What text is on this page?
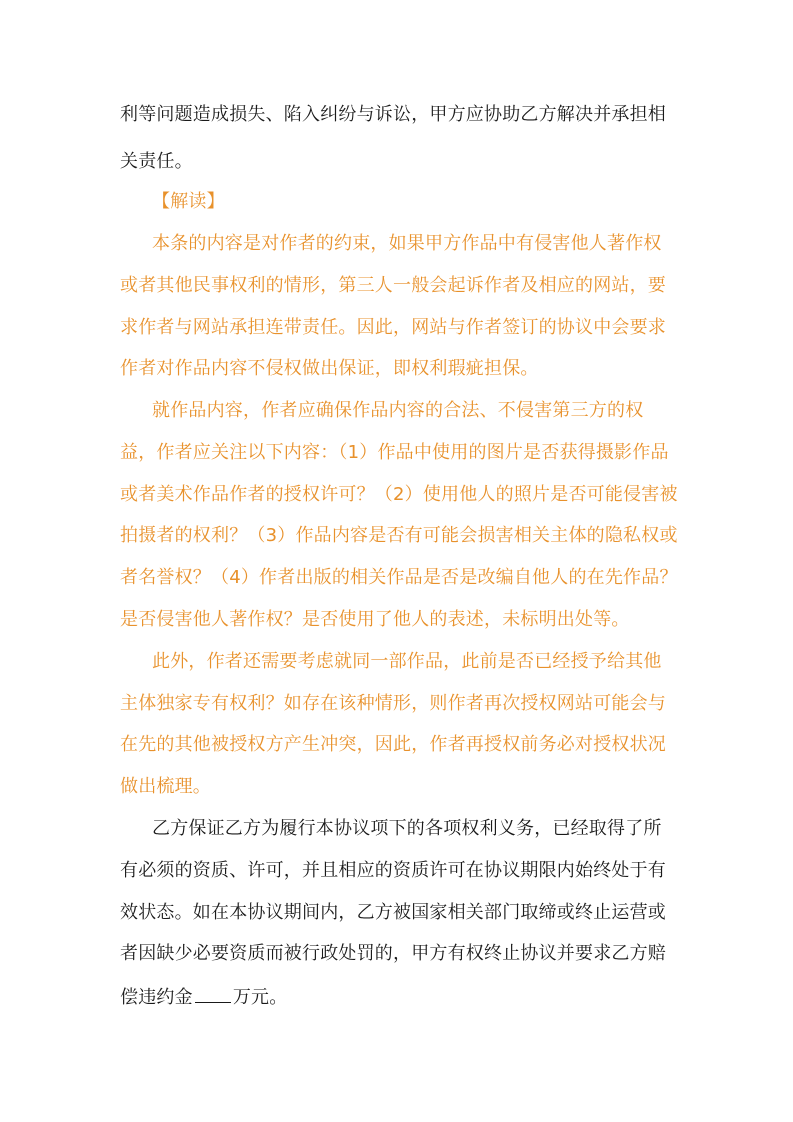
利等问题造成损失、陷入纠纷与诉讼，甲方应协助乙方解决并承担相
关责任。
【解读】
本条的内容是对作者的约束，如果甲方作品中有侵害他人著作权
或者其他民事权利的情形，第三人一般会起诉作者及相应的网站，要
求作者与网站承担连带责任。因此，网站与作者签订的协议中会要求
作者对作品内容不侵权做出保证，即权利瑕疵担保。
就作品内容，作者应确保作品内容的合法、不侵害第三方的权
益，作者应关注以下内容：（1）作品中使用的图片是否获得摄影作品
或者美术作品作者的授权许可？（2）使用他人的照片是否可能侵害被
拍摄者的权利？（3）作品内容是否有可能会损害相关主体的隐私权或
者名誉权？（4）作者出版的相关作品是否是改编自他人的在先作品？
是否侵害他人著作权？是否使用了他人的表述，未标明出处等。
此外，作者还需要考虑就同一部作品，此前是否已经授予给其他
主体独家专有权利？如存在该种情形，则作者再次授权网站可能会与
在先的其他被授权方产生冲突，因此，作者再授权前务必对授权状况
做出梳理。
乙方保证乙方为履行本协议项下的各项权利义务，已经取得了所
有必须的资质、许可，并且相应的资质许可在协议期限内始终处于有
效状态。如在本协议期间内，乙方被国家相关部门取缔或终止运营或
者因缺少必要资质而被行政处罚的，甲方有权终止协议并要求乙方赔
偿违约金 万元。
